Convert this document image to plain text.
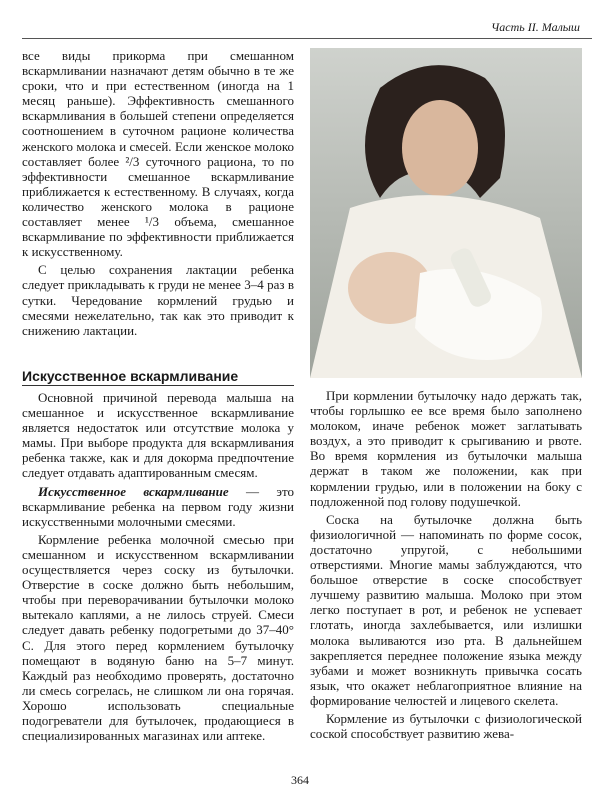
Часть II. Малыш

все виды прикорма при смешанном вскармливании назначают детям обычно в те же сроки, что и при естественном (иногда на 1 месяц раньше). Эффективность смешанного вскармливания в большей степени определяется соотношением в суточном рационе количества женского молока и смесей. Если женское молоко составляет более ²/3 суточного рациона, то по эффективности смешанное вскармливание приближается к естественному. В случаях, когда количество женского молока в рационе составляет менее ¹/3 объема, смешанное вскармливание по эффективности приближается к искусственному.

С целью сохранения лактации ребенка следует прикладывать к груди не менее 3–4 раз в сутки. Чередование кормлений грудью и смесями нежелательно, так как это приводит к снижению лактации.

Искусственное вскармливание

Основной причиной перевода малыша на смешанное и искусственное вскармливание является недостаток или отсутствие молока у мамы. При выборе продукта для вскармливания ребенка также, как и для докорма предпочтение следует отдавать адаптированным смесям.

Искусственное вскармливание — это вскармливание ребенка на первом году жизни искусственными молочными смесями.

Кормление ребенка молочной смесью при смешанном и искусственном вскармливании осуществляется через соску из бутылочки. Отверстие в соске должно быть небольшим, чтобы при переворачивании бутылочки молоко вытекало каплями, а не лилось струей. Смеси следует давать ребенку подогретыми до 37–40° С. Для этого перед кормлением бутылочку помещают в водяную баню на 5–7 минут. Каждый раз необходимо проверять, достаточно ли смесь согрелась, не слишком ли она горячая. Хорошо использовать специальные подогреватели для бутылочек, продающиеся в специализированных магазинах или аптеке.

При кормлении бутылочку надо держать так, чтобы горлышко ее все время было заполнено молоком, иначе ребенок может заглатывать воздух, а это приводит к срыгиванию и рвоте. Во время кормления из бутылочки малыша держат в таком же положении, как при кормлении грудью, или в положении на боку с подложенной под голову подушечкой.

Соска на бутылочке должна быть физиологичной — напоминать по форме сосок, достаточно упругой, с небольшими отверстиями. Многие мамы заблуждаются, что большое отверстие в соске способствует лучшему развитию малыша. Молоко при этом легко поступает в рот, и ребенок не успевает глотать, иногда захлебывается, или излишки молока выливаются изо рта. В дальнейшем закрепляется переднее положение языка между зубами и может возникнуть привычка сосать язык, что окажет неблагоприятное влияние на формирование челюстей и лицевого скелета.

Кормление из бутылочки с физиологической соской способствует развитию жева-

364
